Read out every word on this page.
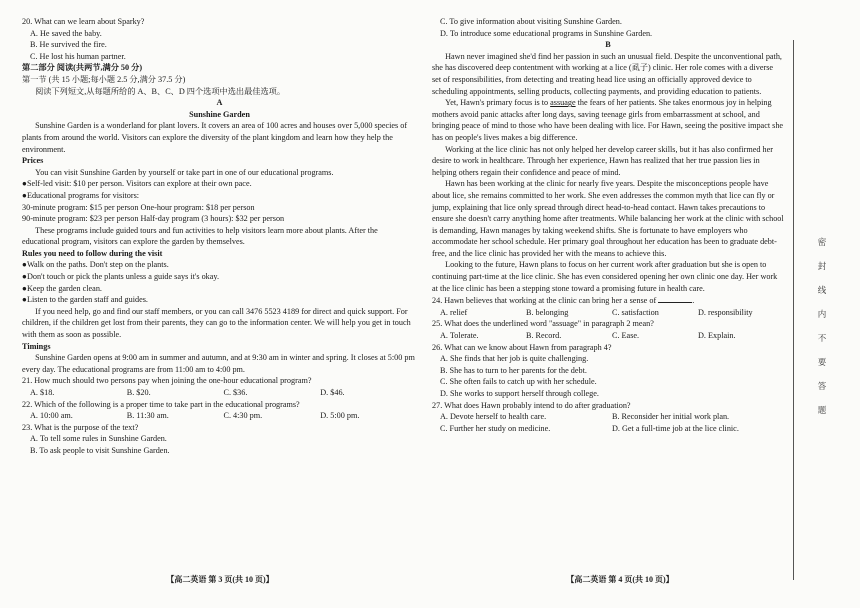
20. What can we learn about Sparky?

A. He saved the baby.

B. He survived the fire.

C. He lost his human partner.

第二部分 阅读(共两节,满分 50 分)

第一节 (共 15 小题;每小题 2.5 分,满分 37.5 分)

阅读下列短文,从每题所给的 A、B、C、D 四个选项中选出最佳选项。

A

Sunshine Garden

Sunshine Garden is a wonderland for plant lovers. It covers an area of 100 acres and houses over 5,000 species of plants from around the world. Visitors can explore the diversity of the plant kingdom and learn how they help the environment.

Prices

You can visit Sunshine Garden by yourself or take part in one of our educational programs.

●Self-led visit: $10 per person. Visitors can explore at their own pace.

●Educational programs for visitors:

30-minute program: $15 per person One-hour program: $18 per person

90-minute program: $23 per person Half-day program (3 hours): $32 per person

These programs include guided tours and fun activities to help visitors learn more about plants. After the educational program, visitors can explore the garden by themselves.

Rules you need to follow during the visit

●Walk on the paths. Don't step on the plants.

●Don't touch or pick the plants unless a guide says it's okay.

●Keep the garden clean.

●Listen to the garden staff and guides.

If you need help, go and find our staff members, or you can call 3476 5523 4189 for direct and quick support. For children, if the children get lost from their parents, they can go to the information center. We will help you get in touch with them as soon as possible.

Timings

Sunshine Garden opens at 9:00 am in summer and autumn, and at 9:30 am in winter and spring. It closes at 5:00 pm every day. The educational programs are from 11:00 am to 4:00 pm.

21. How much should two persons pay when joining the one-hour educational program?

A. $18.	B. $20.	C. $36.	D. $46.

22. Which of the following is a proper time to take part in the educational programs?

A. 10:00 am.	B. 11:30 am.	C. 4:30 pm.	D. 5:00 pm.

23. What is the purpose of the text?

A. To tell some rules in Sunshine Garden.

B. To ask people to visit Sunshine Garden.

C. To give information about visiting Sunshine Garden.

D. To introduce some educational programs in Sunshine Garden.

B

Hawn never imagined she'd find her passion in such an unusual field. Despite the unconventional path, she has discovered deep contentment with working at a lice (虱子) clinic. Her role comes with a diverse set of responsibilities, from detecting and treating head lice using an officially approved device to scheduling appointments, selling products, collecting payments, and providing education to patients.

Yet, Hawn's primary focus is to assuage the fears of her patients. She takes enormous joy in helping mothers avoid panic attacks after long days, saving teenage girls from embarrassment at school, and bringing peace of mind to those who have been dealing with lice. For Hawn, seeing the positive impact she has on people's lives makes a big difference.

Working at the lice clinic has not only helped her develop career skills, but it has also confirmed her desire to work in healthcare. Through her experience, Hawn has realized that her true passion lies in helping others regain their confidence and peace of mind.

Hawn has been working at the clinic for nearly five years. Despite the misconceptions people have about lice, she remains committed to her work. She even addresses the common myth that lice can fly or jump, explaining that lice only spread through direct head-to-head contact. Hawn takes precautions to ensure she doesn't carry anything home after treatments. While balancing her work at the clinic with school is demanding, Hawn manages by taking weekend shifts. She is fortunate to have employers who accommodate her school schedule. Her primary goal throughout her education has been to graduate debt-free, and the lice clinic has provided her with the means to achieve this.

Looking to the future, Hawn plans to focus on her current work after graduation but she is open to continuing part-time at the lice clinic. She has even considered opening her own clinic one day. Her work at the lice clinic has been a stepping stone toward a promising future in health care.

24. Hawn believes that working at the clinic can bring her a sense of	.

A. relief	B. belonging	C. satisfaction	D. responsibility

25. What does the underlined word "assuage" in paragraph 2 mean?

A. Tolerate.	B. Record.	C. Ease.	D. Explain.

26. What can we know about Hawn from paragraph 4?

A. She finds that her job is quite challenging.

B. She has to turn to her parents for the debt.

C. She often fails to catch up with her schedule.

D. She works to support herself through college.

27. What does Hawn probably intend to do after graduation?

A. Devote herself to health care.	B. Reconsider her initial work plan.
C. Further her study on medicine.	D. Get a full-time job at the lice clinic.
【高二英语 第 3 页(共 10 页)】	【高二英语 第 4 页(共 10 页)】
密
封
线
内
不
要
答
题
